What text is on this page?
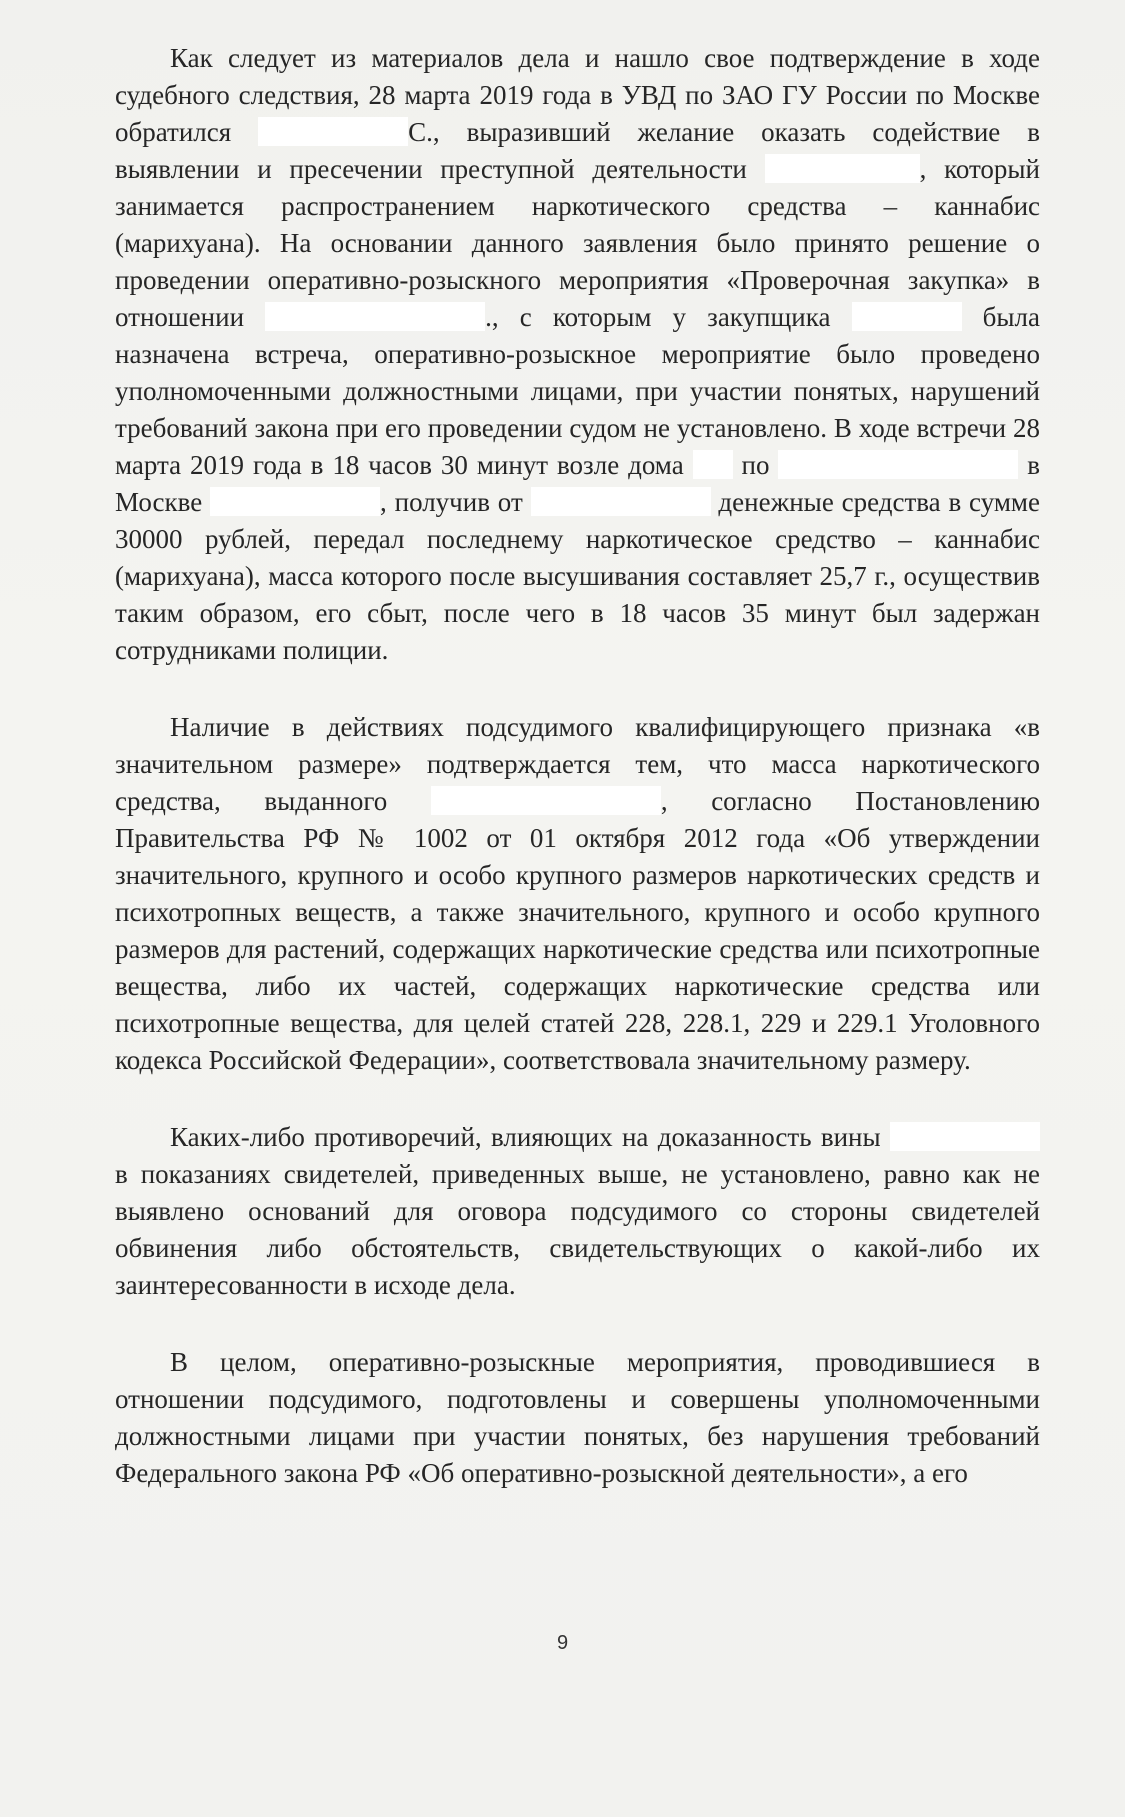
Как следует из материалов дела и нашло свое подтверждение в ходе судебного следствия, 28 марта 2019 года в УВД по ЗАО ГУ России по Москве обратился	С., выразивший желание оказать содействие в выявлении и пресечении преступной деятельности	, который занимается распространением наркотического средства – каннабис (марихуана). На основании данного заявления было принято решение о проведении оперативно-розыскного мероприятия «Проверочная закупка» в отношении	., с которым у закупщика	была назначена встреча, оперативно-розыскное мероприятие было проведено уполномоченными должностными лицами, при участии понятых, нарушений требований закона при его проведении судом не установлено. В ходе встречи 28 марта 2019 года в 18 часов 30 минут возле дома  по	в Москве	, получив от	денежные средства в сумме 30000 рублей, передал последнему наркотическое средство – каннабис (марихуана), масса которого после высушивания составляет 25,7 г., осуществив таким образом, его сбыт, после чего в 18 часов 35 минут был задержан сотрудниками полиции.

Наличие в действиях подсудимого квалифицирующего признака «в значительном размере» подтверждается тем, что масса наркотического средства, выданного	, согласно Постановлению Правительства РФ № 1002 от 01 октября 2012 года «Об утверждении значительного, крупного и особо крупного размеров наркотических средств и психотропных веществ, а также значительного, крупного и особо крупного размеров для растений, содержащих наркотические средства или психотропные вещества, либо их частей, содержащих наркотические средства или психотропные вещества, для целей статей 228, 228.1, 229 и 229.1 Уголовного кодекса Российской Федерации», соответствовала значительному размеру.

Каких-либо противоречий, влияющих на доказанность вины  в показаниях свидетелей, приведенных выше, не установлено, равно как не выявлено оснований для оговора подсудимого со стороны свидетелей обвинения либо обстоятельств, свидетельствующих о какой-либо их заинтересованности в исходе дела.

В целом, оперативно-розыскные мероприятия, проводившиеся в отношении подсудимого, подготовлены и совершены уполномоченными должностными лицами при участии понятых, без нарушения требований Федерального закона РФ «Об оперативно-розыскной деятельности», а его

9
